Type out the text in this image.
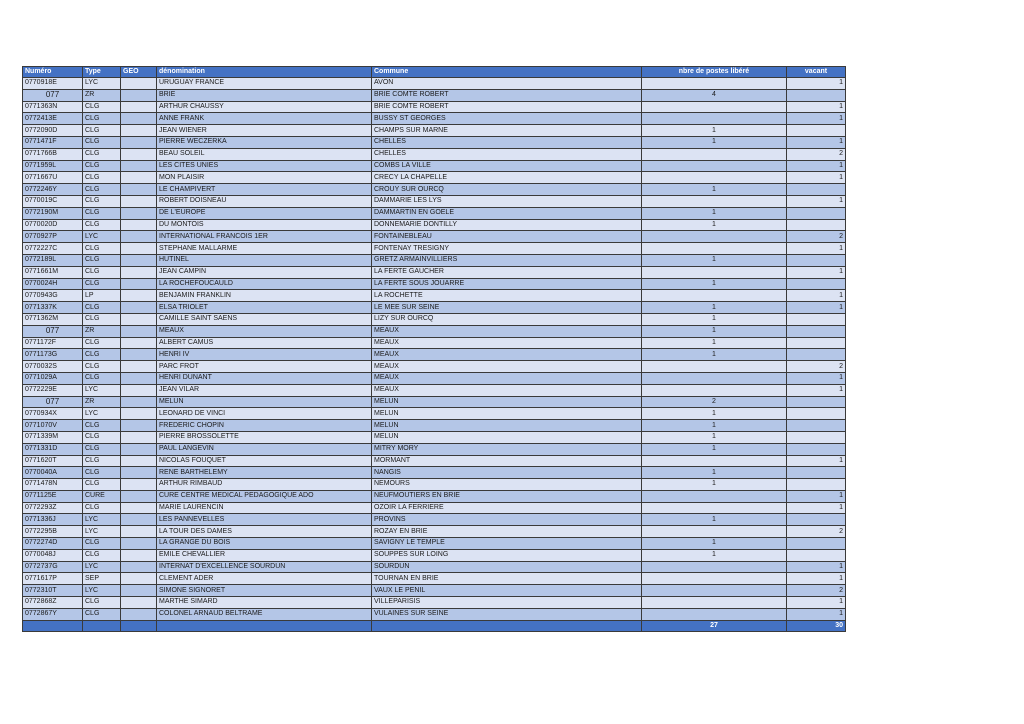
Numéro	Type	GEO	dénomination	Commune	nbre de postes libéré	vacant
0770918E	LYC		URUGUAY FRANCE	AVON		1
077	ZR		BRIE	BRIE COMTE ROBERT	4	
0771363N	CLG		ARTHUR CHAUSSY	BRIE COMTE ROBERT		1
0772413E	CLG		ANNE FRANK	BUSSY ST GEORGES		1
0772090D	CLG		JEAN WIENER	CHAMPS SUR MARNE	1	
0771471F	CLG		PIERRE WECZERKA	CHELLES	1	1
0771766B	CLG		BEAU SOLEIL	CHELLES		2
0771959L	CLG		LES CITES UNIES	COMBS LA VILLE		1
0771667U	CLG		MON PLAISIR	CRECY LA CHAPELLE		1
0772246Y	CLG		LE CHAMPIVERT	CROUY SUR OURCQ	1	
0770019C	CLG		ROBERT DOISNEAU	DAMMARIE LES LYS		1
0772190M	CLG		DE L'EUROPE	DAMMARTIN EN GOELE	1	
0770020D	CLG		DU MONTOIS	DONNEMARIE DONTILLY	1	
0770927P	LYC		INTERNATIONAL FRANCOIS 1ER	FONTAINEBLEAU		2
0772227C	CLG		STEPHANE MALLARME	FONTENAY TRESIGNY		1
0772189L	CLG		HUTINEL	GRETZ ARMAINVILLIERS	1	
0771661M	CLG		JEAN CAMPIN	LA FERTE GAUCHER		1
0770024H	CLG		LA ROCHEFOUCAULD	LA FERTE SOUS JOUARRE	1	
0770943G	LP		BENJAMIN FRANKLIN	LA ROCHETTE		1
0771337K	CLG		ELSA TRIOLET	LE MEE SUR SEINE	1	1
0771362M	CLG		CAMILLE SAINT SAENS	LIZY SUR OURCQ	1	
077	ZR		MEAUX	MEAUX	1	
0771172F	CLG		ALBERT CAMUS	MEAUX	1	
0771173G	CLG		HENRI IV	MEAUX	1	
0770032S	CLG		PARC FROT	MEAUX		2
0771029A	CLG		HENRI DUNANT	MEAUX		1
0772229E	LYC		JEAN VILAR	MEAUX		1
077	ZR		MELUN	MELUN	2	
0770934X	LYC		LEONARD DE VINCI	MELUN	1	
0771070V	CLG		FREDERIC CHOPIN	MELUN	1	
0771339M	CLG		PIERRE BROSSOLETTE	MELUN	1	
0771331D	CLG		PAUL LANGEVIN	MITRY MORY	1	
0771620T	CLG		NICOLAS FOUQUET	MORMANT		1
0770040A	CLG		RENE BARTHELEMY	NANGIS	1	
0771478N	CLG		ARTHUR RIMBAUD	NEMOURS	1	
0771125E	CURE		CURE CENTRE MEDICAL PEDAGOGIQUE ADO	NEUFMOUTIERS EN BRIE		1
0772293Z	CLG		MARIE LAURENCIN	OZOIR LA FERRIERE		1
0771336J	LYC		LES PANNEVELLES	PROVINS	1	
0772295B	LYC		LA TOUR DES DAMES	ROZAY EN BRIE		2
0772274D	CLG		LA GRANGE DU BOIS	SAVIGNY LE TEMPLE	1	
0770048J	CLG		EMILE CHEVALLIER	SOUPPES SUR LOING	1	
0772737G	LYC		INTERNAT D'EXCELLENCE SOURDUN	SOURDUN		1
0771617P	SEP		CLEMENT ADER	TOURNAN EN BRIE		1
0772310T	LYC		SIMONE SIGNORET	VAUX LE PENIL		2
0772868Z	CLG		MARTHE SIMARD	VILLEPARISIS		1
0772867Y	CLG		COLONEL ARNAUD BELTRAME	VULAINES SUR SEINE		1
					27	30
